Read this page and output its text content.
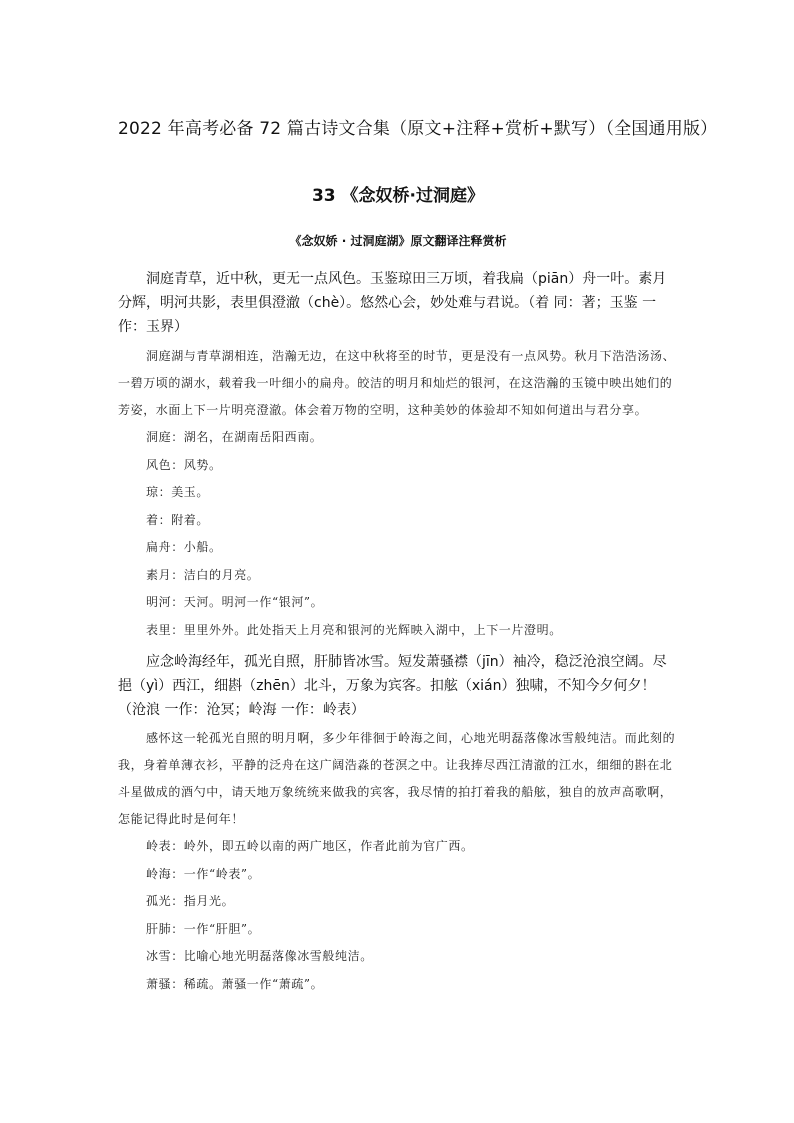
2022 年高考必备 72 篇古诗文合集（原文+注释+赏析+默写）（全国通用版）
33 《念奴桥·过洞庭》
《念奴娇 · 过洞庭湖》原文翻译注释赏析

洞庭青草，近中秋，更无一点风色。玉鉴琼田三万顷，着我扁（piān）舟一叶。素月分辉，明河共影，表里俱澄澈（chè）。悠然心会，妙处难与君说。（着 同：著；玉鉴 一作：玉界）

洞庭湖与青草湖相连，浩瀚无边，在这中秋将至的时节，更是没有一点风势。秋月下浩浩汤汤、一碧万顷的湖水，载着我一叶细小的扁舟。皎洁的明月和灿烂的银河，在这浩瀚的玉镜中映出她们的芳姿，水面上下一片明亮澄澈。体会着万物的空明，这种美妙的体验却不知如何道出与君分享。

洞庭：湖名，在湖南岳阳西南。
风色：风势。
琼：美玉。
着：附着。
扁舟：小船。
素月：洁白的月亮。
明河：天河。明河一作“银河”。
表里：里里外外。此处指天上月亮和银河的光辉映入湖中，上下一片澄明。

应念岭海经年，孤光自照，肝肺皆冰雪。短发萧骚襟（jīn）袖冷，稳泛沧浪空阔。尽挹（yì）西江，细斟（zhēn）北斗，万象为宾客。扣舷（xián）独啸，不知今夕何夕！（沧浪 一作：沧冥；岭海 一作：岭表）

感怀这一轮孤光自照的明月啊，多少年徘徊于岭海之间，心地光明磊落像冰雪般纯洁。而此刻的我，身着单薄衣衫，平静的泛舟在这广阔浩淼的苍溟之中。让我捧尽西江清澈的江水，细细的斟在北斗星做成的酒勺中，请天地万象统统来做我的宾客，我尽情的拍打着我的船舷，独自的放声高歌啊，怎能记得此时是何年！

岭表：岭外，即五岭以南的两广地区，作者此前为官广西。
岭海：一作“岭表”。
孤光：指月光。
肝肺：一作“肝胆”。
冰雪：比喻心地光明磊落像冰雪般纯洁。
萧骚：稀疏。萧骚一作“萧疏”。
